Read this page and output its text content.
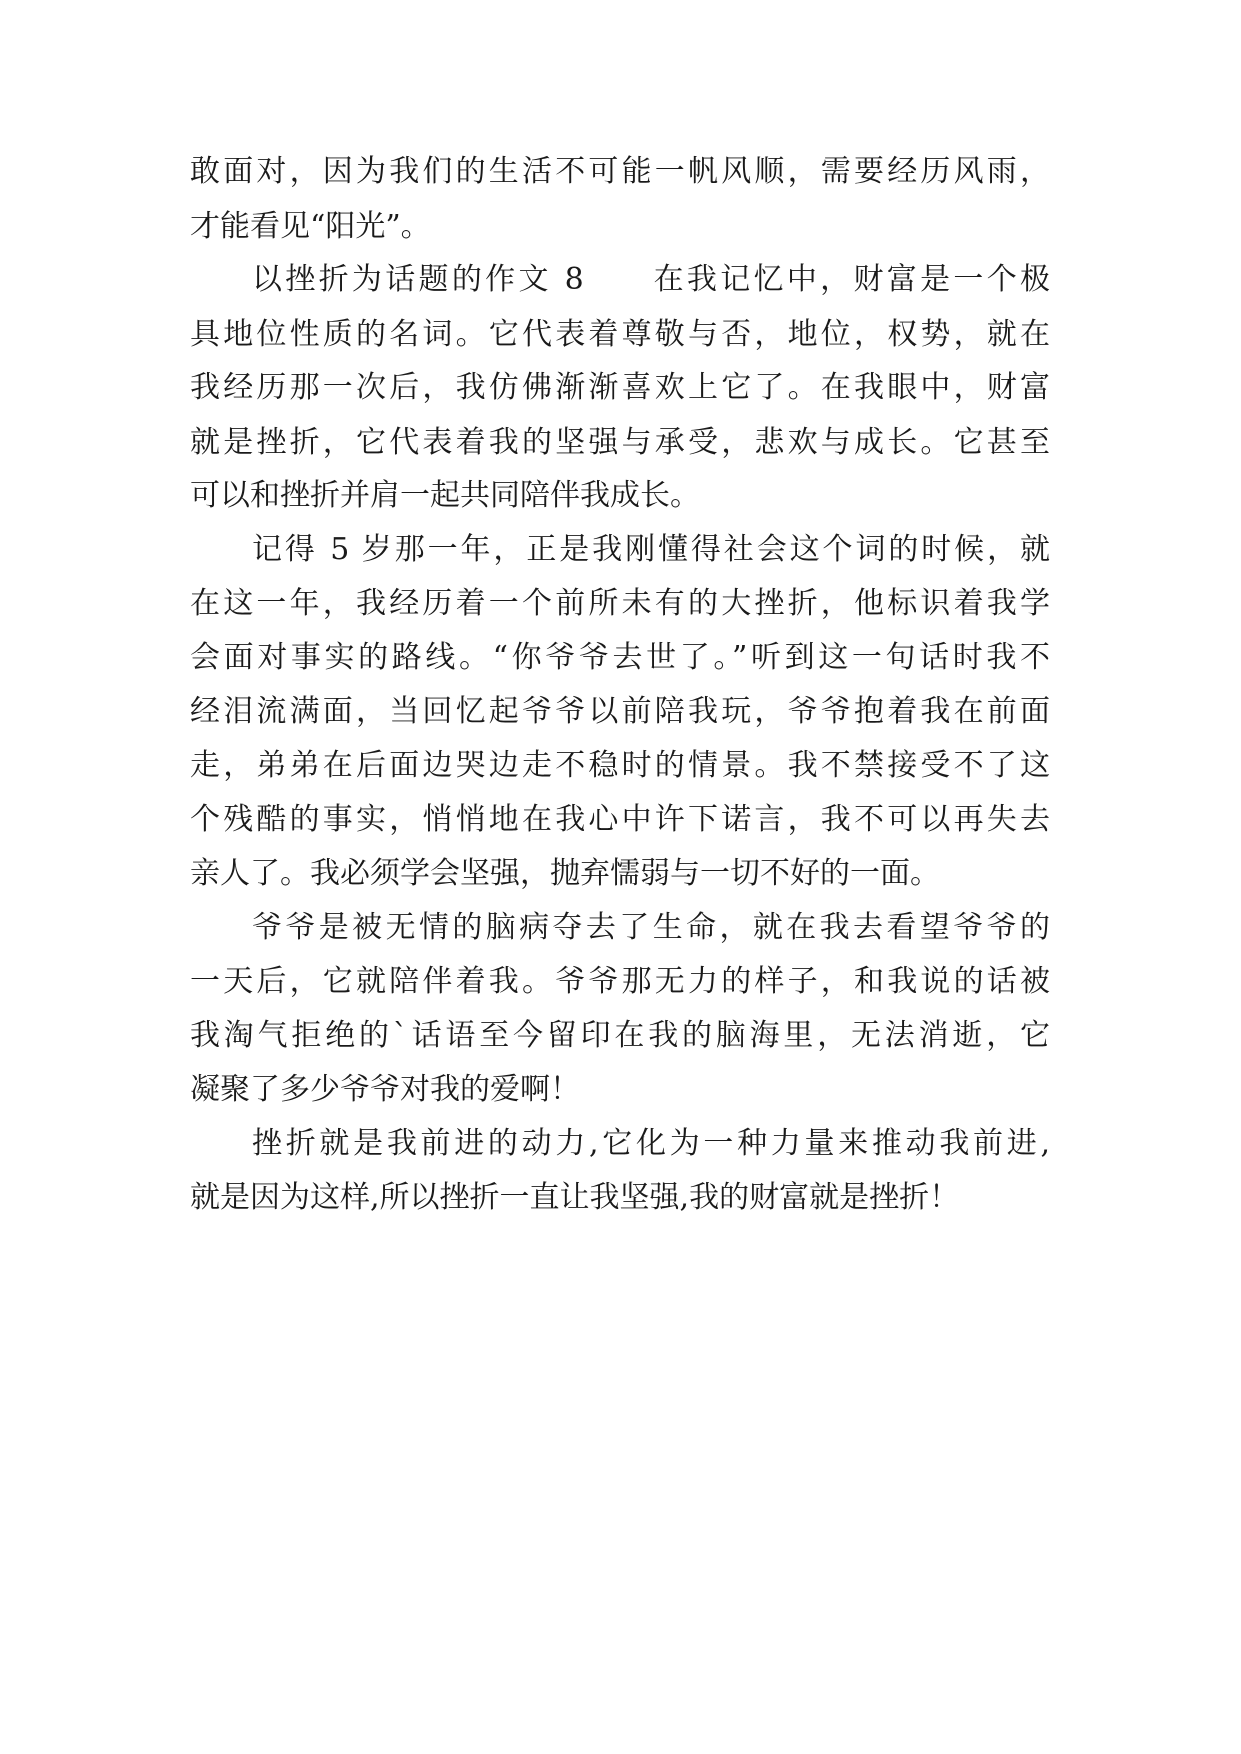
敢面对，因为我们的生活不可能一帆风顺，需要经历风雨，
才能看见“阳光”。
以挫折为话题的作文 8　　在我记忆中，财富是一个极
具地位性质的名词。它代表着尊敬与否，地位，权势，就在
我经历那一次后，我仿佛渐渐喜欢上它了。在我眼中，财富
就是挫折，它代表着我的坚强与承受，悲欢与成长。它甚至
可以和挫折并肩一起共同陪伴我成长。
记得 5 岁那一年，正是我刚懂得社会这个词的时候，就
在这一年，我经历着一个前所未有的大挫折，他标识着我学
会面对事实的路线。“你爷爷去世了。”听到这一句话时我不
经泪流满面，当回忆起爷爷以前陪我玩，爷爷抱着我在前面
走，弟弟在后面边哭边走不稳时的情景。我不禁接受不了这
个残酷的事实，悄悄地在我心中许下诺言，我不可以再失去
亲人了。我必须学会坚强，抛弃懦弱与一切不好的一面。
爷爷是被无情的脑病夺去了生命，就在我去看望爷爷的
一天后，它就陪伴着我。爷爷那无力的样子，和我说的话被
我淘气拒绝的`话语至今留印在我的脑海里，无法消逝，它
凝聚了多少爷爷对我的爱啊！
挫折就是我前进的动力,它化为一种力量来推动我前进,
就是因为这样,所以挫折一直让我坚强,我的财富就是挫折！
